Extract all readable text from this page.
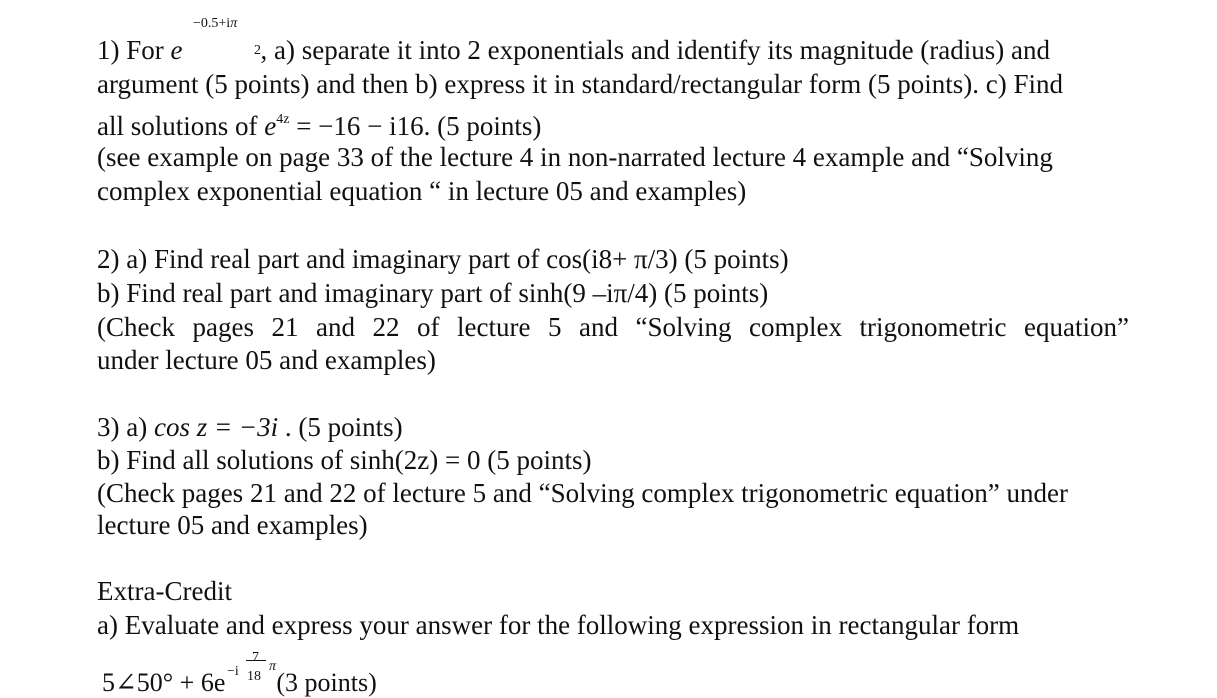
−0.5+iπ
2
1) For e	, a) separate it into 2 exponentials and identify its magnitude (radius) and
argument (5 points) and then b) express it in standard/rectangular form (5 points). c) Find
all solutions of $e^{4z} = -16 - i16$. (5 points)
(see example on page 33 of the lecture 4 in non-narrated lecture 4 example and “Solving
complex exponential equation “ in lecture 05 and examples)
2) a) Find real part and imaginary part of cos(i8+ π/3) (5 points)
b) Find real part and imaginary part of sinh(9 –iπ/4) (5 points)
(Check pages 21 and 22 of lecture 5 and “Solving complex trigonometric equation”
under lecture 05 and examples)
3) a) cos z = −3i . (5 points)
b) Find all solutions of sinh(2z) = 0 (5 points)
(Check pages 21 and 22 of lecture 5 and “Solving complex trigonometric equation” under
lecture 05 and examples)
Extra-Credit
a) Evaluate and express your answer for the following expression in rectangular form
5∠50° + 6e (3 points)
−i
7
18
π
